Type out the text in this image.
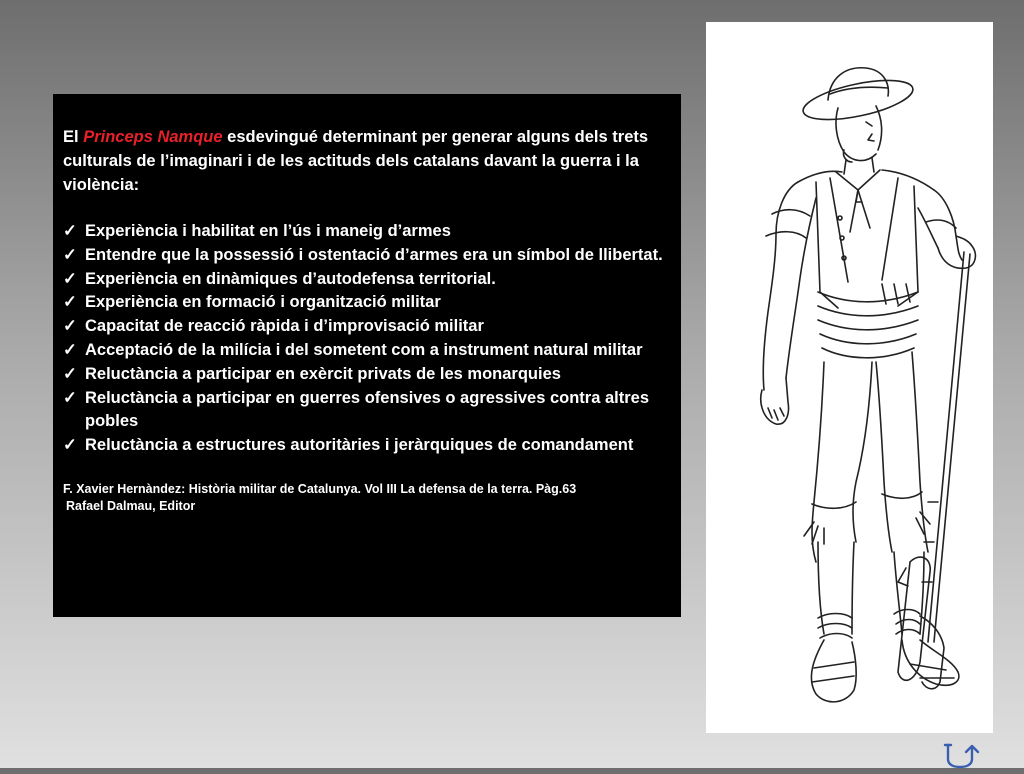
El Princeps Namque esdevingué determinant per generar alguns dels trets culturals de l’imaginari i de les actituds dels catalans davant la guerra i la violència:

✓ Experiència i habilitat en l’ús i maneig d’armes
✓ Entendre que la possessió i ostentació d’armes era un símbol de llibertat.
✓ Experiència en dinàmiques d’autodefensa territorial.
✓ Experiència en formació i organització militar
✓ Capacitat de reacció ràpida i d’improvisació militar
✓ Acceptació de la milícia i del sometent com a instrument natural militar
✓ Reluctància a participar en exèrcit privats de les monarquies
✓ Reluctància a participar en guerres ofensives o agressives contra altres pobles
✓ Reluctància a estructures autoritàries i jeràrquiques de comandament

F. Xavier Hernàndez: Història militar de Catalunya. Vol III La defensa de la terra. Pàg.63
Rafael Dalmau, Editor
